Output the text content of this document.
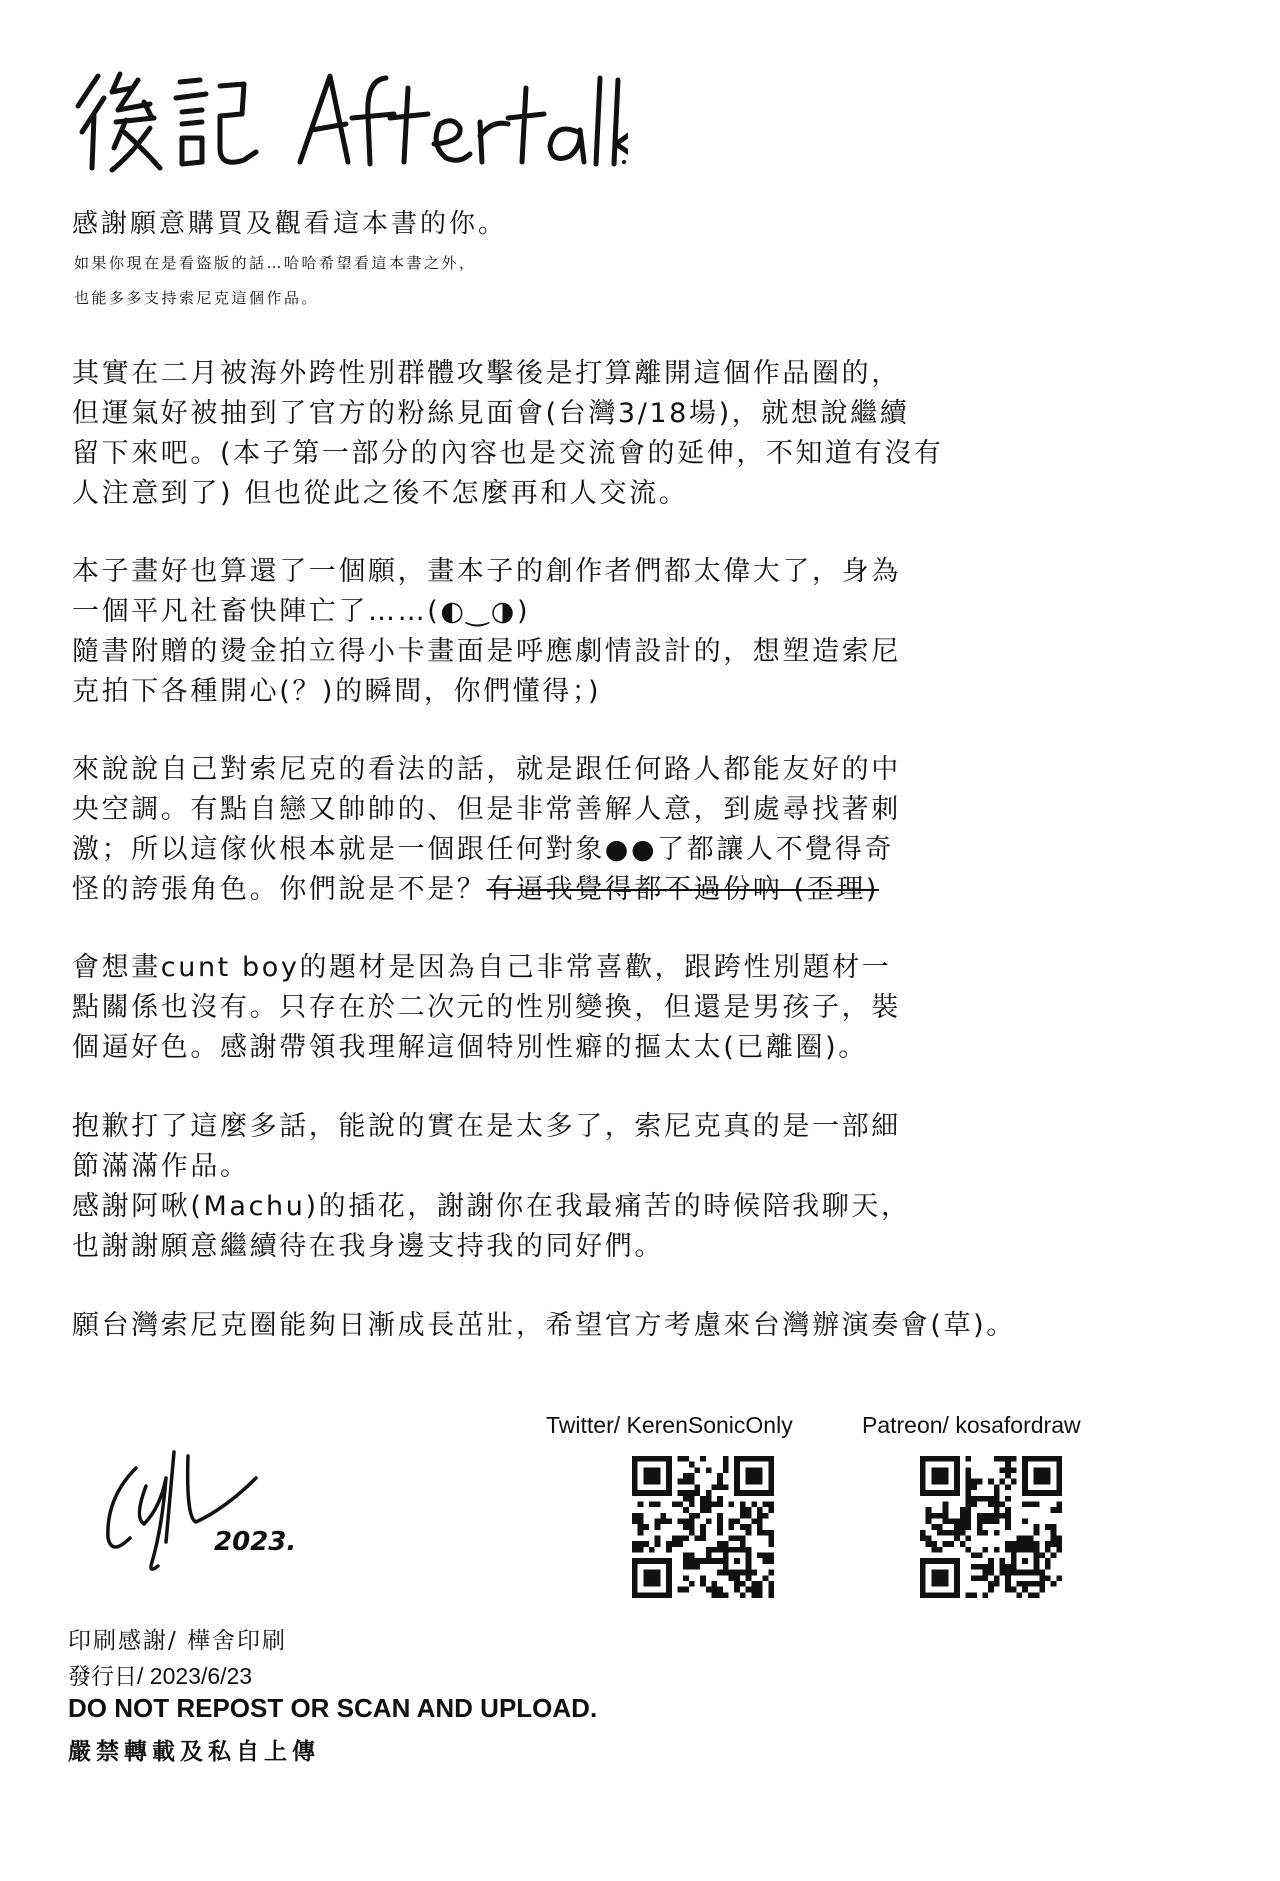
感謝願意購買及觀看這本書的你。
如果你現在是看盜版的話…哈哈希望看這本書之外，
也能多多支持索尼克這個作品。
其實在二月被海外跨性別群體攻擊後是打算離開這個作品圈的，
但運氣好被抽到了官方的粉絲見面會(台灣3/18場)，就想說繼續
留下來吧。(本子第一部分的內容也是交流會的延伸，不知道有沒有
人注意到了) 但也從此之後不怎麼再和人交流。
本子畫好也算還了一個願，畫本子的創作者們都太偉大了，身為
一個平凡社畜快陣亡了……(◐‿◑)
隨書附贈的燙金拍立得小卡畫面是呼應劇情設計的，想塑造索尼
克拍下各種開心(？)的瞬間，你們懂得；)
來說說自己對索尼克的看法的話，就是跟任何路人都能友好的中
央空調。有點自戀又帥帥的、但是非常善解人意，到處尋找著刺
激；所以這傢伙根本就是一個跟任何對象●●了都讓人不覺得奇
怪的誇張角色。你們說是不是？有逼我覺得都不過份吶 (歪理)
會想畫cunt boy的題材是因為自己非常喜歡，跟跨性別題材一
點關係也沒有。只存在於二次元的性別變換，但還是男孩子，裝
個逼好色。感謝帶領我理解這個特別性癖的摳太太(已離圈)。
抱歉打了這麼多話，能說的實在是太多了，索尼克真的是一部細
節滿滿作品。
感謝阿啾(Machu)的插花，謝謝你在我最痛苦的時候陪我聊天，
也謝謝願意繼續待在我身邊支持我的同好們。
願台灣索尼克圈能夠日漸成長茁壯，希望官方考慮來台灣辦演奏會(草)。
Twitter/ KerenSonicOnly	Patreon/ kosafordraw
2023.
印刷感謝/ 樺舍印刷
發行日/ 2023/6/23
DO NOT REPOST OR SCAN AND UPLOAD.
嚴禁轉載及私自上傳
